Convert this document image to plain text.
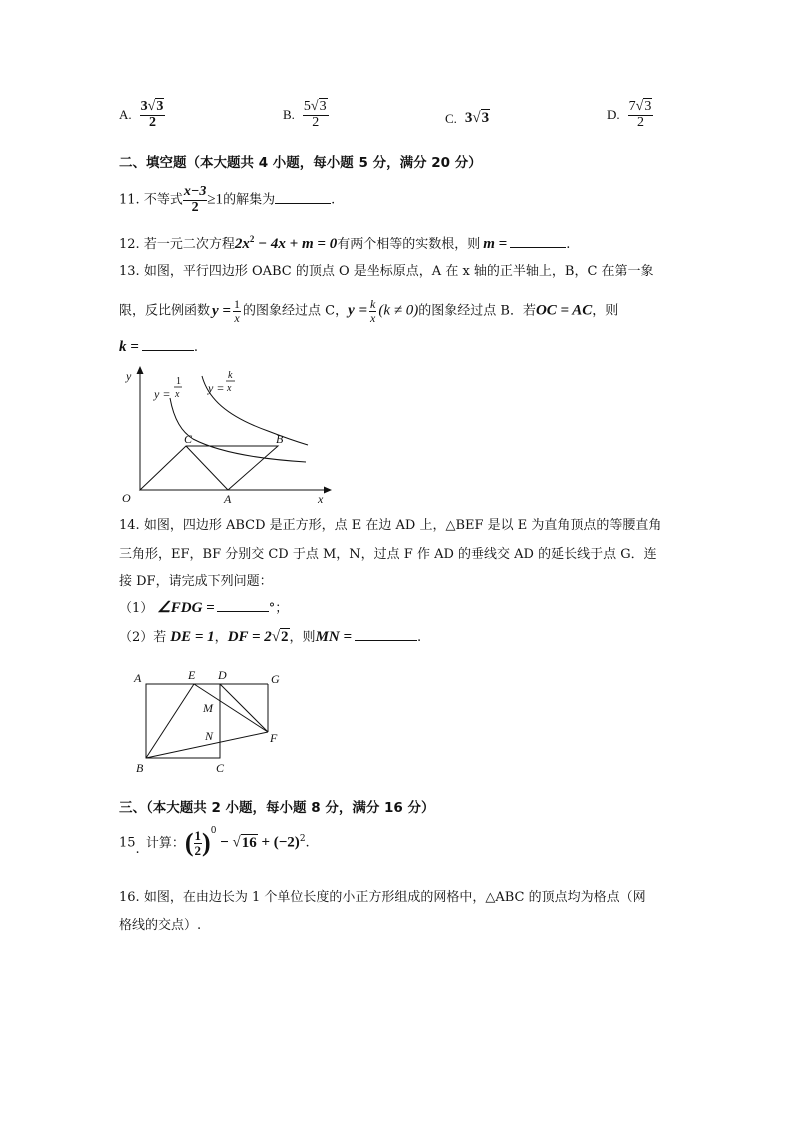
A. $\frac{3√3}{2}$	B. $\frac{5√3}{2}$	C. 3√3	D. $\frac{7√3}{2}$
二、填空题（本大题共 4 小题，每小题 5 分，满分 20 分）
11. 不等式 $\frac{x-3}{2} \ge 1$的解集为	.
12. 若一元二次方程$2x^2 - 4x + m = 0$有两个相等的实数根，则 m =	.
13. 如图，平行四边形 OABC 的顶点 O 是坐标原点，A 在 x 轴的正半轴上，B，C 在第一象
限，反比例函数 $y = \frac{1}{x}$ 的图象经过点 C，$y = \frac{k}{x} (k \ne 0)$的图象经过点 B．若OC = AC，则
k =	.
y
x
O	A
B
C
y =
1
x y =
k
x
14. 如图，四边形 ABCD 是正方形，点 E 在边 AD 上，△BEF 是以 E 为直角顶点的等腰直角
三角形，EF，BF 分别交 CD 于点 M，N，过点 F 作 AD 的垂线交 AD 的延长线于点 G．连
接 DF，请完成下列问题：
（1） ∠FDG =	°；
（2）若 DE = 1，DF = 2√2，则MN =	.
A	E D	G
M
N	F
B	C
三、（本大题共 2 小题，每小题 8 分，满分 16 分）
15. 计算：( $\frac{1}{2} )^0 - √16 + (-2)^2$.
16. 如图，在由边长为 1 个单位长度的小正方形组成的网格中，△ABC 的顶点均为格点（网
格线的交点）.
